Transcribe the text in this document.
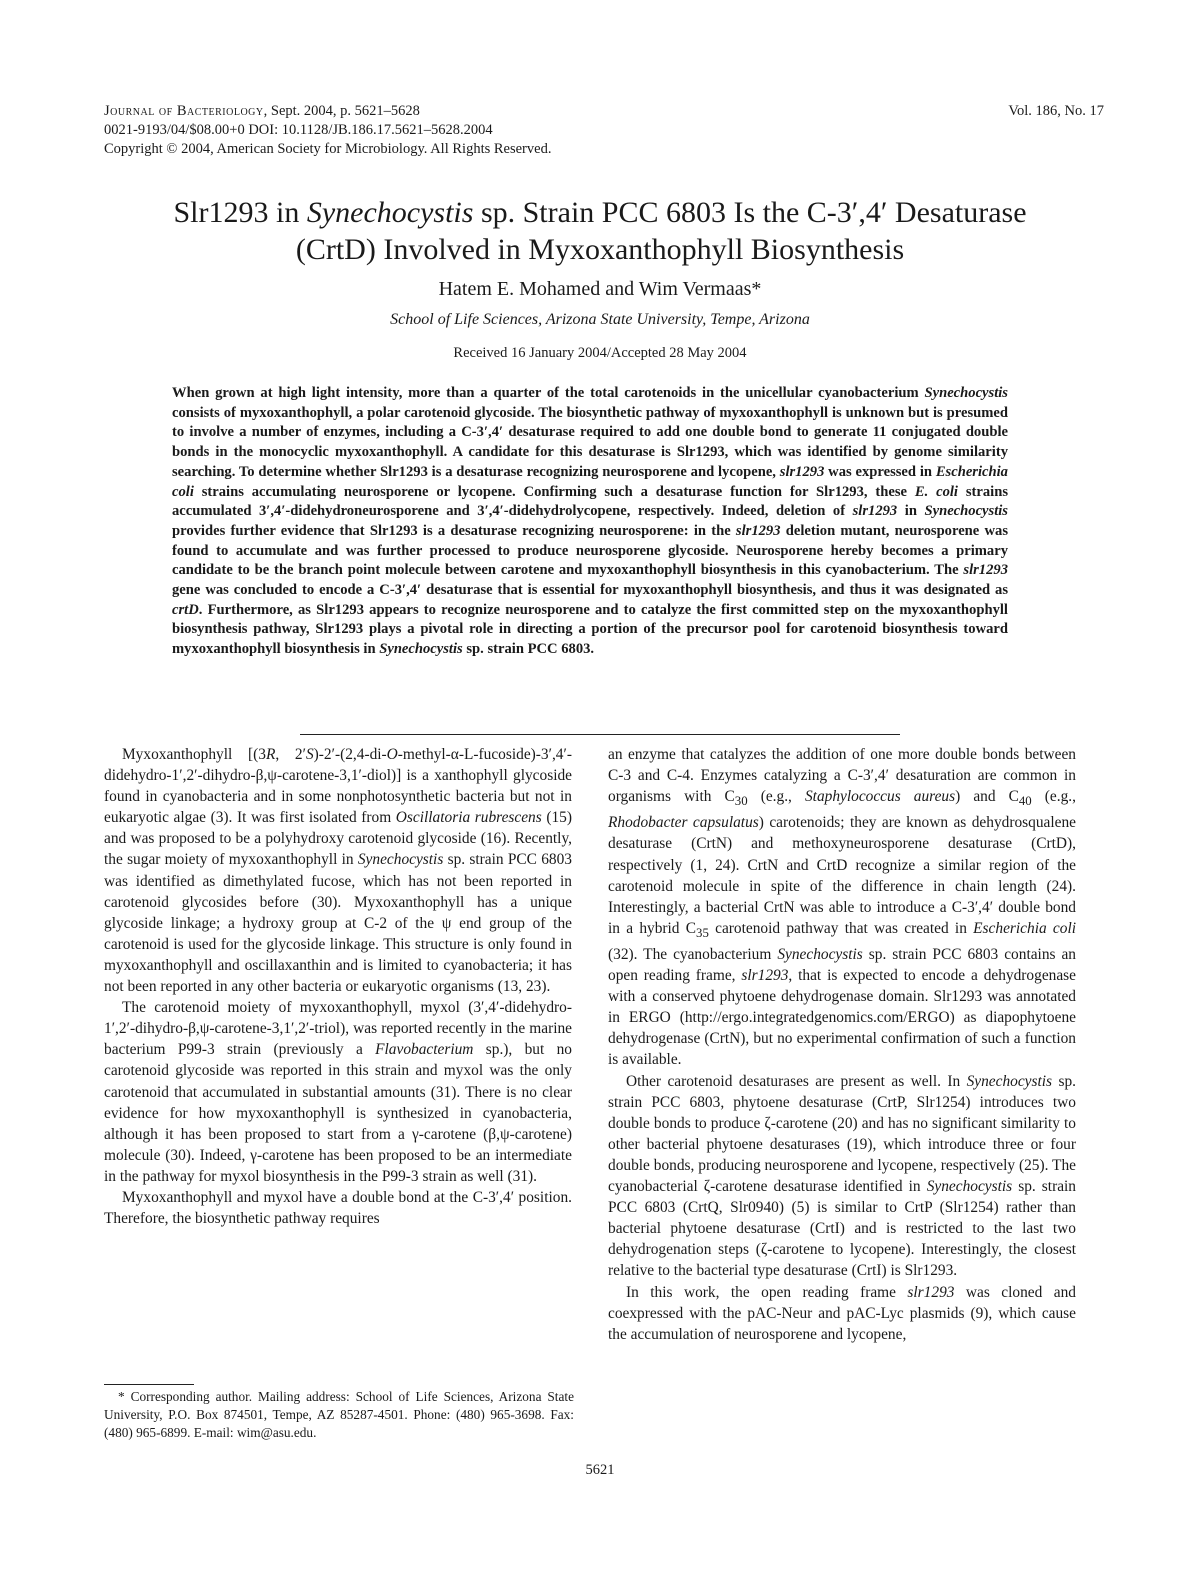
Journal of Bacteriology, Sept. 2004, p. 5621–5628
0021-9193/04/$08.00+0 DOI: 10.1128/JB.186.17.5621–5628.2004
Copyright © 2004, American Society for Microbiology. All Rights Reserved.
Vol. 186, No. 17
Slr1293 in Synechocystis sp. Strain PCC 6803 Is the C-3′,4′ Desaturase
(CrtD) Involved in Myxoxanthophyll Biosynthesis
Hatem E. Mohamed and Wim Vermaas*
School of Life Sciences, Arizona State University, Tempe, Arizona
Received 16 January 2004/Accepted 28 May 2004
When grown at high light intensity, more than a quarter of the total carotenoids in the unicellular cyanobacterium Synechocystis consists of myxoxanthophyll, a polar carotenoid glycoside. The biosynthetic pathway of myxoxanthophyll is unknown but is presumed to involve a number of enzymes, including a C-3′,4′ desaturase required to add one double bond to generate 11 conjugated double bonds in the monocyclic myxoxanthophyll. A candidate for this desaturase is Slr1293, which was identified by genome similarity searching. To determine whether Slr1293 is a desaturase recognizing neurosporene and lycopene, slr1293 was expressed in Escherichia coli strains accumulating neurosporene or lycopene. Confirming such a desaturase function for Slr1293, these E. coli strains accumulated 3′,4′-didehydroneurosporene and 3′,4′-didehydrolycopene, respectively. Indeed, deletion of slr1293 in Synechocystis provides further evidence that Slr1293 is a desaturase recognizing neurosporene: in the slr1293 deletion mutant, neurosporene was found to accumulate and was further processed to produce neurosporene glycoside. Neurosporene hereby becomes a primary candidate to be the branch point molecule between carotene and myxoxanthophyll biosynthesis in this cyanobacterium. The slr1293 gene was concluded to encode a C-3′,4′ desaturase that is essential for myxoxanthophyll biosynthesis, and thus it was designated as crtD. Furthermore, as Slr1293 appears to recognize neurosporene and to catalyze the first committed step on the myxoxanthophyll biosynthesis pathway, Slr1293 plays a pivotal role in directing a portion of the precursor pool for carotenoid biosynthesis toward myxoxanthophyll biosynthesis in Synechocystis sp. strain PCC 6803.

Myxoxanthophyll [(3R, 2′S)-2′-(2,4-di-O-methyl-α-L-fucoside)-3′,4′-didehydro-1′,2′-dihydro-β,ψ-carotene-3,1′-diol)] is a xanthophyll glycoside found in cyanobacteria and in some nonphotosynthetic bacteria but not in eukaryotic algae (3). It was first isolated from Oscillatoria rubrescens (15) and was proposed to be a polyhydroxy carotenoid glycoside (16). Recently, the sugar moiety of myxoxanthophyll in Synechocystis sp. strain PCC 6803 was identified as dimethylated fucose, which has not been reported in carotenoid glycosides before (30). Myxoxanthophyll has a unique glycoside linkage; a hydroxy group at C-2 of the ψ end group of the carotenoid is used for the glycoside linkage. This structure is only found in myxoxanthophyll and oscillaxanthin and is limited to cyanobacteria; it has not been reported in any other bacteria or eukaryotic organisms (13, 23).

The carotenoid moiety of myxoxanthophyll, myxol (3′,4′-didehydro-1′,2′-dihydro-β,ψ-carotene-3,1′,2′-triol), was reported recently in the marine bacterium P99-3 strain (previously a Flavobacterium sp.), but no carotenoid glycoside was reported in this strain and myxol was the only carotenoid that accumulated in substantial amounts (31). There is no clear evidence for how myxoxanthophyll is synthesized in cyanobacteria, although it has been proposed to start from a γ-carotene (β,ψ-carotene) molecule (30). Indeed, γ-carotene has been proposed to be an intermediate in the pathway for myxol biosynthesis in the P99-3 strain as well (31).

Myxoxanthophyll and myxol have a double bond at the C-3′,4′ position. Therefore, the biosynthetic pathway requires

* Corresponding author. Mailing address: School of Life Sciences, Arizona State University, P.O. Box 874501, Tempe, AZ 85287-4501. Phone: (480) 965-3698. Fax: (480) 965-6899. E-mail: wim@asu.edu.

an enzyme that catalyzes the addition of one more double bonds between C-3 and C-4. Enzymes catalyzing a C-3′,4′ desaturation are common in organisms with $C_{30}$ (e.g., Staphylococcus aureus) and $C_{40}$ (e.g., Rhodobacter capsulatus) carotenoids; they are known as dehydrosqualene desaturase (CrtN) and methoxyneurosporene desaturase (CrtD), respectively (1, 24). CrtN and CrtD recognize a similar region of the carotenoid molecule in spite of the difference in chain length (24). Interestingly, a bacterial CrtN was able to introduce a C-3′,4′ double bond in a hybrid $C_{35}$ carotenoid pathway that was created in Escherichia coli (32). The cyanobacterium Synechocystis sp. strain PCC 6803 contains an open reading frame, slr1293, that is expected to encode a dehydrogenase with a conserved phytoene dehydrogenase domain. Slr1293 was annotated in ERGO (http://ergo.integratedgenomics.com/ERGO) as diapophytoene dehydrogenase (CrtN), but no experimental confirmation of such a function is available.

Other carotenoid desaturases are present as well. In Synechocystis sp. strain PCC 6803, phytoene desaturase (CrtP, Slr1254) introduces two double bonds to produce ζ-carotene (20) and has no significant similarity to other bacterial phytoene desaturases (19), which introduce three or four double bonds, producing neurosporene and lycopene, respectively (25). The cyanobacterial ζ-carotene desaturase identified in Synechocystis sp. strain PCC 6803 (CrtQ, Slr0940) (5) is similar to CrtP (Slr1254) rather than bacterial phytoene desaturase (CrtI) and is restricted to the last two dehydrogenation steps (ζ-carotene to lycopene). Interestingly, the closest relative to the bacterial type desaturase (CrtI) is Slr1293.

In this work, the open reading frame slr1293 was cloned and coexpressed with the pAC-Neur and pAC-Lyc plasmids (9), which cause the accumulation of neurosporene and lycopene,

5621
